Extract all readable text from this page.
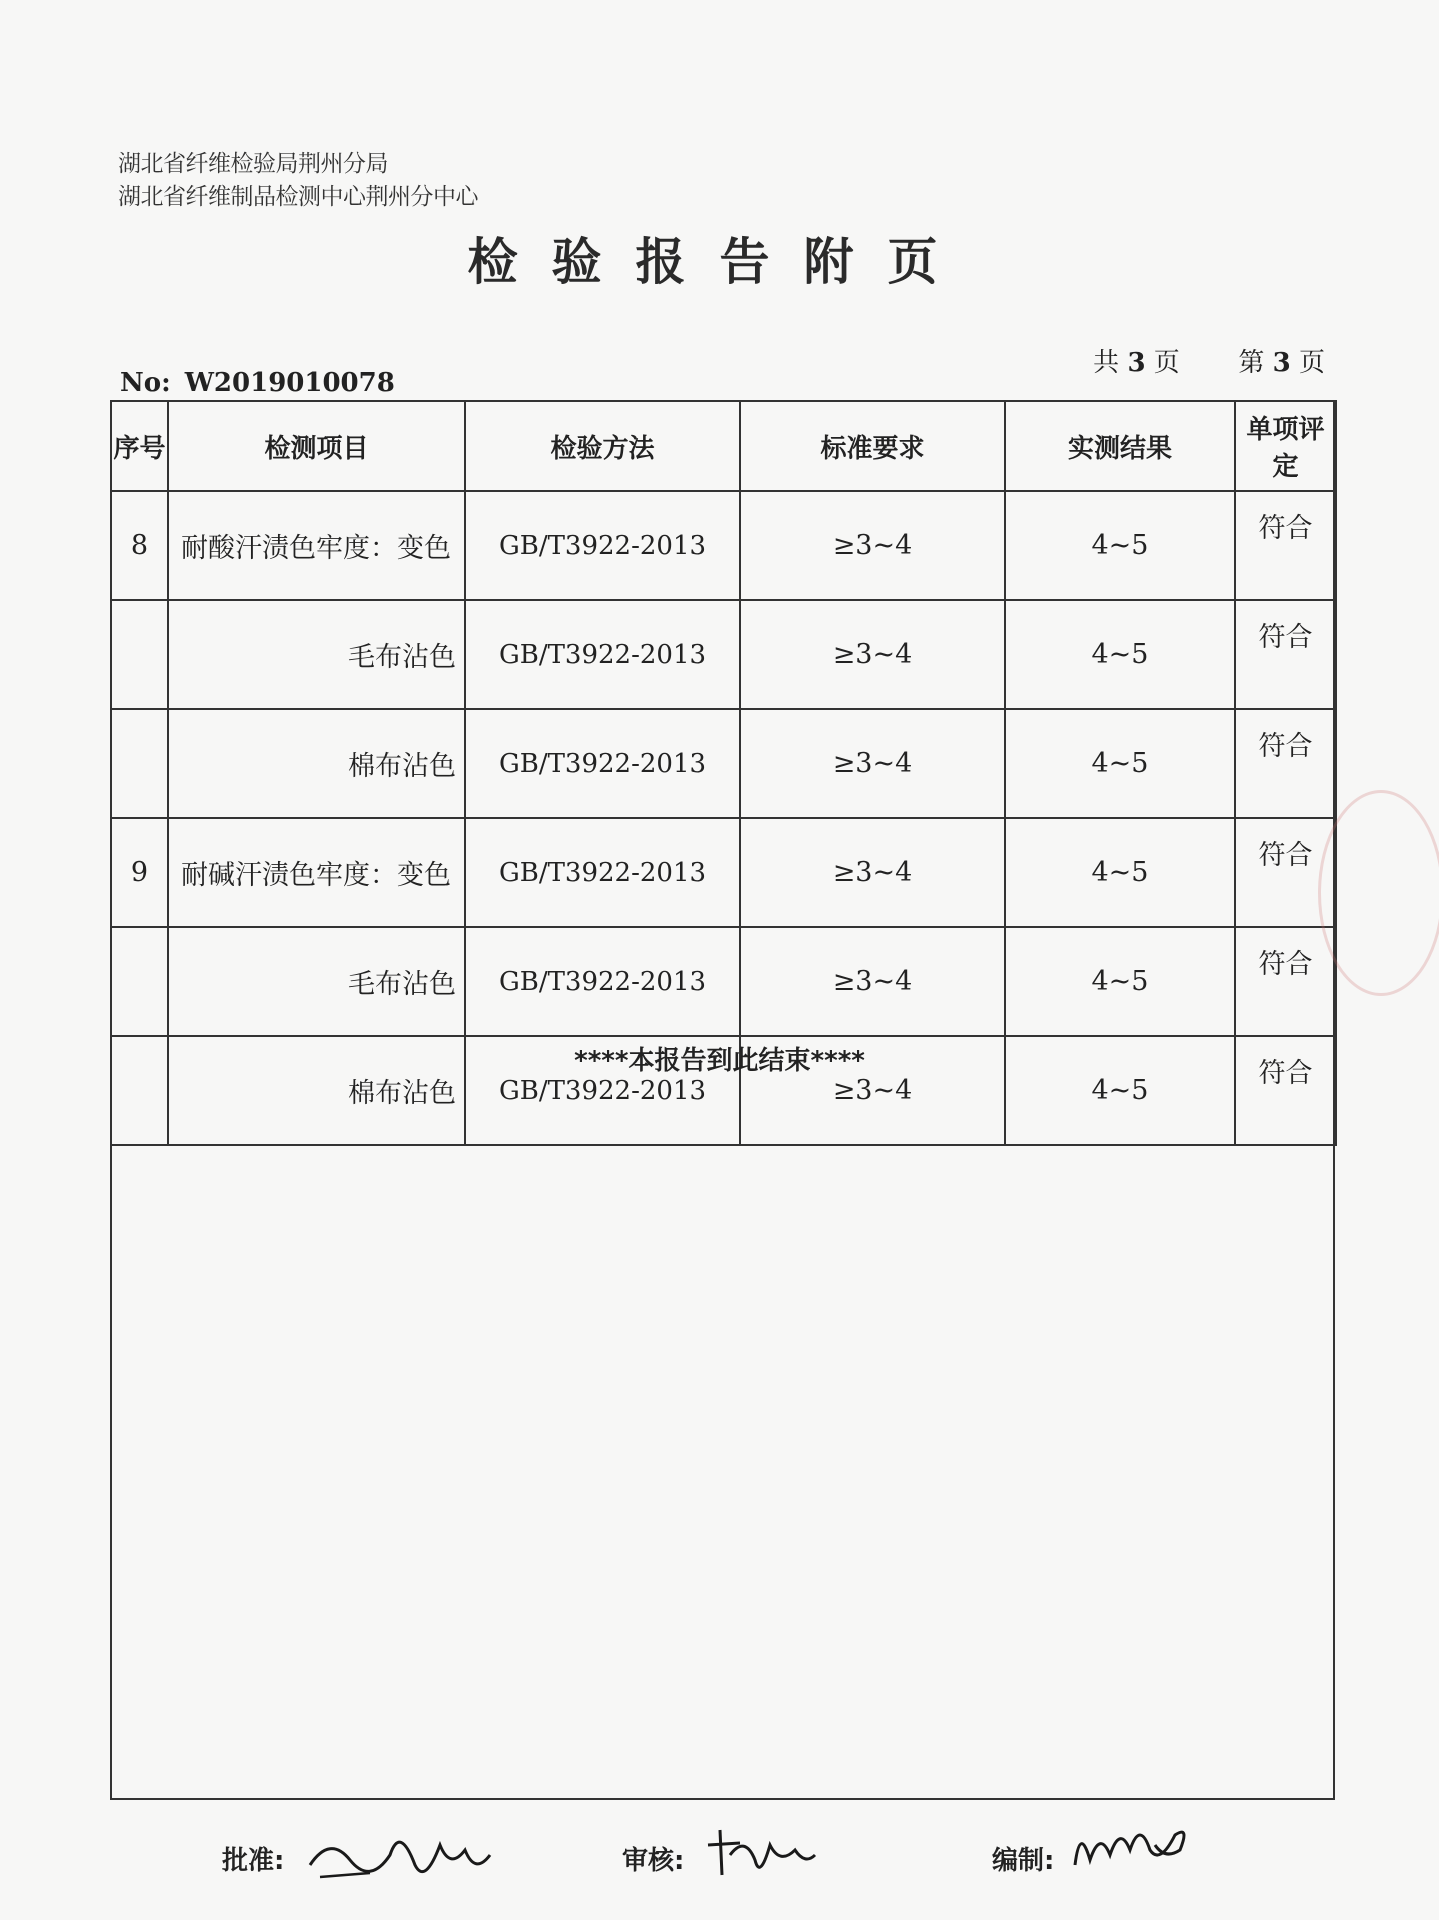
湖北省纤维检验局荆州分局
湖北省纤维制品检测中心荆州分中心
检验报告附页
共 3 页 第 3 页
No: W2019010078
序号	检测项目	检验方法	标准要求	实测结果	单项评定
8	耐酸汗渍色牢度：变色	GB/T3922-2013	≥3~4	4~5	符合
	毛布沾色	GB/T3922-2013	≥3~4	4~5	符合
	棉布沾色	GB/T3922-2013	≥3~4	4~5	符合
9	耐碱汗渍色牢度：变色	GB/T3922-2013	≥3~4	4~5	符合
	毛布沾色	GB/T3922-2013	≥3~4	4~5	符合
	棉布沾色	GB/T3922-2013	≥3~4	4~5	符合
****本报告到此结束****
批准:	审核:	编制:
